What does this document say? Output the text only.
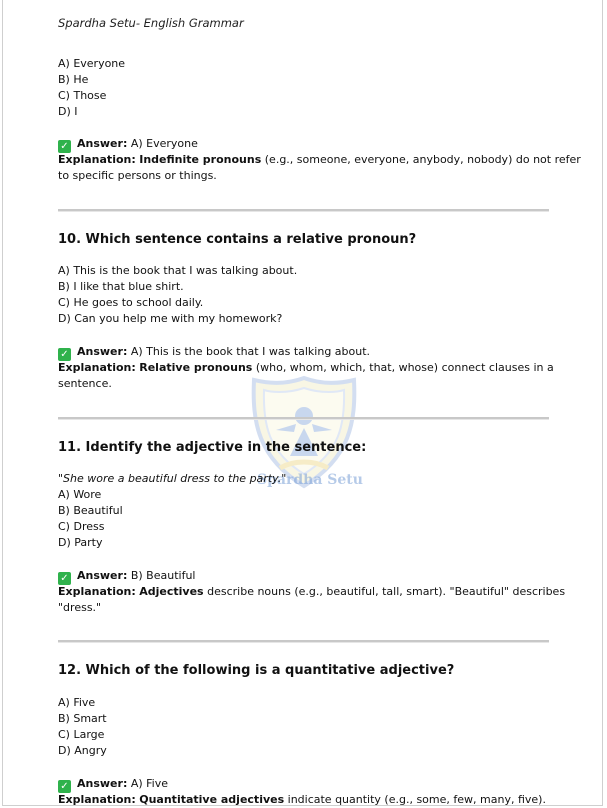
Spardha Setu- English Grammar
Spardha Setu
A) Everyone
B) He
C) Those
D) I
✓ Answer: A) Everyone
Explanation: Indefinite pronouns (e.g., someone, everyone, anybody, nobody) do not refer
to specific persons or things.
10. Which sentence contains a relative pronoun?
A) This is the book that I was talking about.
B) I like that blue shirt.
C) He goes to school daily.
D) Can you help me with my homework?
✓ Answer: A) This is the book that I was talking about.
Explanation: Relative pronouns (who, whom, which, that, whose) connect clauses in a
sentence.
11. Identify the adjective in the sentence:
"She wore a beautiful dress to the party."
A) Wore
B) Beautiful
C) Dress
D) Party
✓ Answer: B) Beautiful
Explanation: Adjectives describe nouns (e.g., beautiful, tall, smart). "Beautiful" describes
"dress."
12. Which of the following is a quantitative adjective?
A) Five
B) Smart
C) Large
D) Angry
✓ Answer: A) Five
Explanation: Quantitative adjectives indicate quantity (e.g., some, few, many, five).
